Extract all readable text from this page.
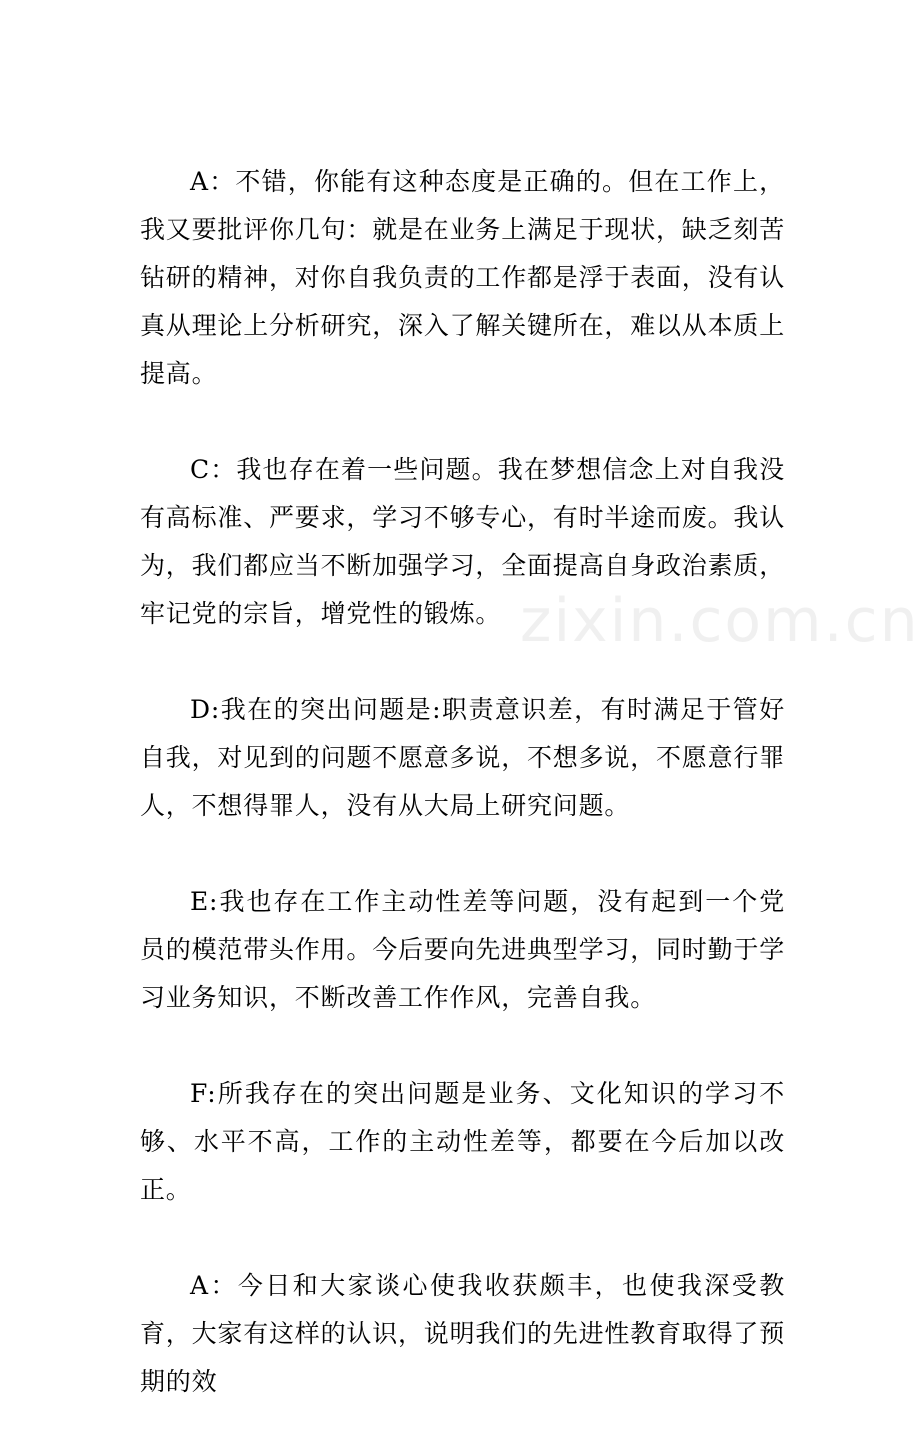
zixin.com.cn

A：不错，你能有这种态度是正确的。但在工作上，我又要批评你几句：就是在业务上满足于现状，缺乏刻苦钻研的精神，对你自我负责的工作都是浮于表面，没有认真从理论上分析研究，深入了解关键所在，难以从本质上提高。

C：我也存在着一些问题。我在梦想信念上对自我没有高标准、严要求，学习不够专心，有时半途而废。我认为，我们都应当不断加强学习，全面提高自身政治素质，牢记党的宗旨，增党性的锻炼。

D:我在的突出问题是:职责意识差，有时满足于管好自我，对见到的问题不愿意多说，不想多说，不愿意行罪人，不想得罪人，没有从大局上研究问题。

E:我也存在工作主动性差等问题，没有起到一个党员的模范带头作用。今后要向先进典型学习，同时勤于学习业务知识，不断改善工作作风，完善自我。

F:所我存在的突出问题是业务、文化知识的学习不够、水平不高，工作的主动性差等，都要在今后加以改正。

A：今日和大家谈心使我收获颇丰，也使我深受教育，大家有这样的认识，说明我们的先进性教育取得了预期的效
